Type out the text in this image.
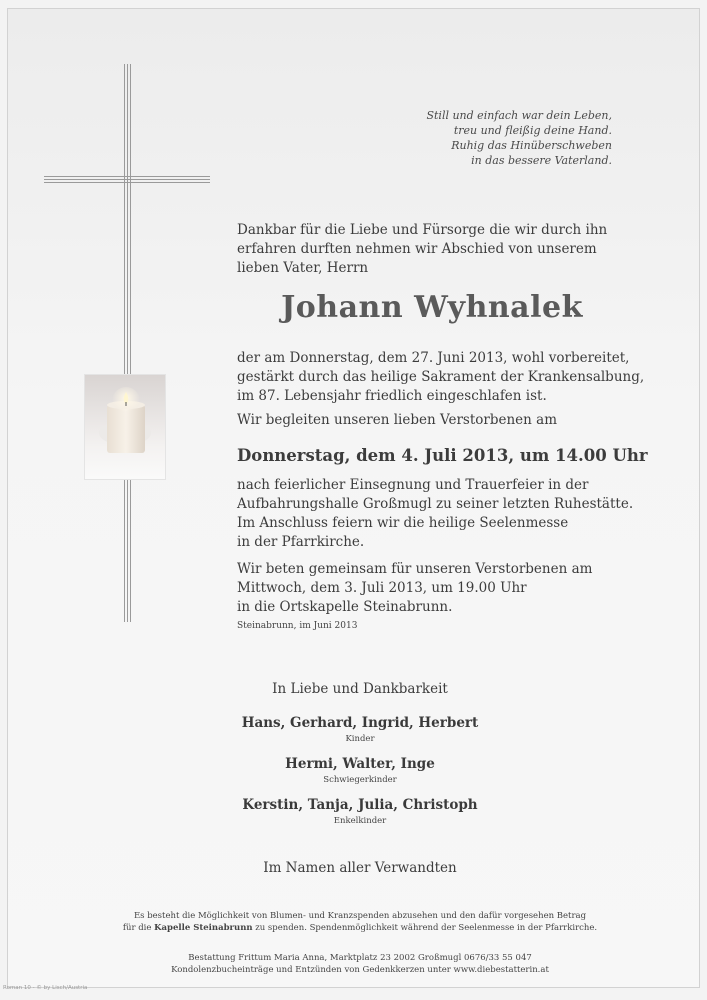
Still und einfach war dein Leben,
treu und fleißig deine Hand.
Ruhig das Hinüberschweben
in das bessere Vaterland.
Dankbar für die Liebe und Fürsorge die wir durch ihn
erfahren durften nehmen wir Abschied von unserem
lieben Vater, Herrn
Johann Wyhnalek
der am Donnerstag, dem 27. Juni 2013, wohl vorbereitet,
gestärkt durch das heilige Sakrament der Krankensalbung,
im 87. Lebensjahr friedlich eingeschlafen ist.
Wir begleiten unseren lieben Verstorbenen am
Donnerstag, dem 4. Juli 2013, um 14.00 Uhr
nach feierlicher Einsegnung und Trauerfeier in der
Aufbahrungshalle Großmugl zu seiner letzten Ruhestätte.
Im Anschluss feiern wir die heilige Seelenmesse
in der Pfarrkirche.
Wir beten gemeinsam für unseren Verstorbenen am
Mittwoch, dem 3. Juli 2013, um 19.00 Uhr
in die Ortskapelle Steinabrunn.
Steinabrunn, im Juni 2013
In Liebe und Dankbarkeit
Hans, Gerhard, Ingrid, Herbert
Kinder
Hermi, Walter, Inge
Schwiegerkinder
Kerstin, Tanja, Julia, Christoph
Enkelkinder
Im Namen aller Verwandten
Es besteht die Möglichkeit von Blumen- und Kranzspenden abzusehen und den dafür vorgesehen Betrag
für die Kapelle Steinabrunn zu spenden. Spendenmöglichkeit während der Seelenmesse in der Pfarrkirche.
Bestattung Frittum Maria Anna, Marktplatz 23 2002 Großmugl 0676/33 55 047
Kondolenzbucheinträge und Entzünden von Gedenkkerzen unter www.diebestatterin.at
Roman 10 - © by Lisch/Austria
